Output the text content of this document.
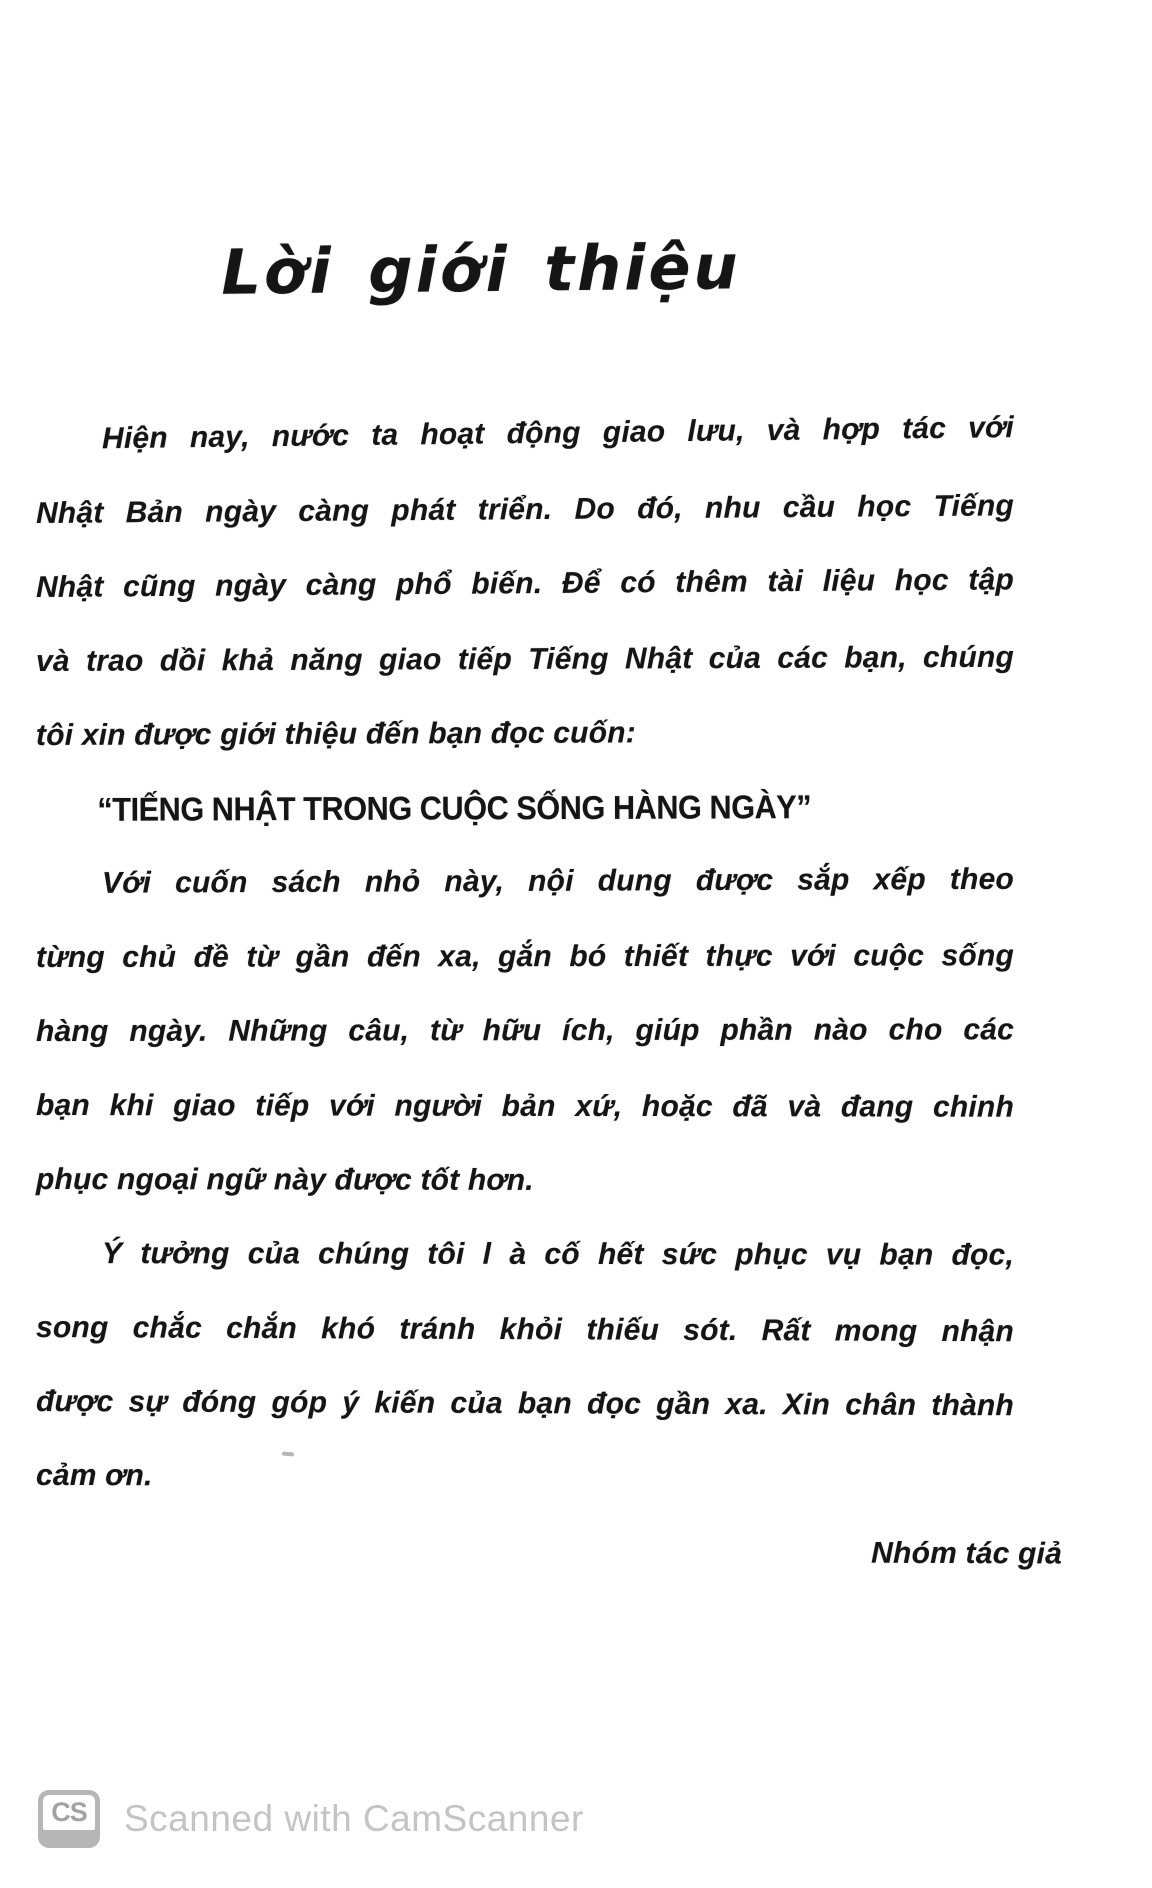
Lời giới thiệu

Hiện nay, nước ta hoạt động giao lưu, và hợp tác với

Nhật Bản ngày càng phát triển. Do đó, nhu cầu học Tiếng

Nhật cũng ngày càng phổ biến. Để có thêm tài liệu học tập

và trao dồi khả năng giao tiếp Tiếng Nhật của các bạn, chúng

tôi xin được giới thiệu đến bạn đọc cuốn:

“TIẾNG NHẬT TRONG CUỘC SỐNG HÀNG NGÀY”

Với cuốn sách nhỏ này, nội dung được sắp xếp theo

từng chủ đề từ gần đến xa, gắn bó thiết thực với cuộc sống

hàng ngày. Những câu, từ hữu ích, giúp phần nào cho các

bạn khi giao tiếp với người bản xứ, hoặc đã và đang chinh

phục ngoại ngữ này được tốt hơn.

Ý tưởng của chúng tôi l à cố hết sức phục vụ bạn đọc,

song chắc chắn khó tránh khỏi thiếu sót. Rất mong nhận

được sự đóng góp ý kiến của bạn đọc gần xa. Xin chân thành

cảm ơn.

Nhóm tác giả

CS Scanned with CamScanner
